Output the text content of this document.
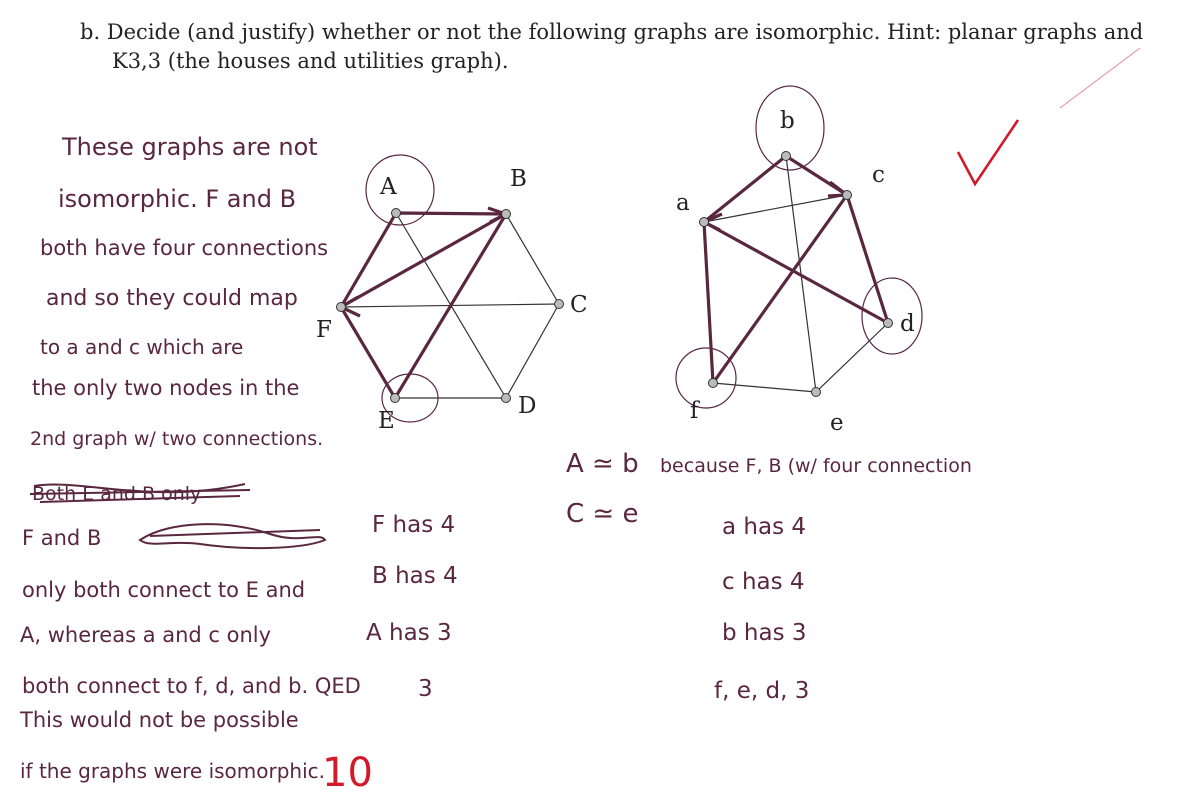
b. Decide (and justify) whether or not the following graphs are isomorphic. Hint: planar graphs and
K3,3 (the houses and utilities graph).
A	B
C
D
E
F
b
c
a
d
e
f
These graphs are not
isomorphic. F and B
both have four connections
and so they could map
to a and c which are
the only two nodes in the
2nd graph w/ two connections.
Both E and B only
F and B
only both connect to E and
A, whereas a and c only
both connect to f, d, and b. QED
This would not be possible
if the graphs were isomorphic.
F has 4
B has 4
A has 3
3
A ≃ b
C ≃ e
because F, B (w/ four connection
a has 4
c has 4
b has 3
f, e, d, 3
10
